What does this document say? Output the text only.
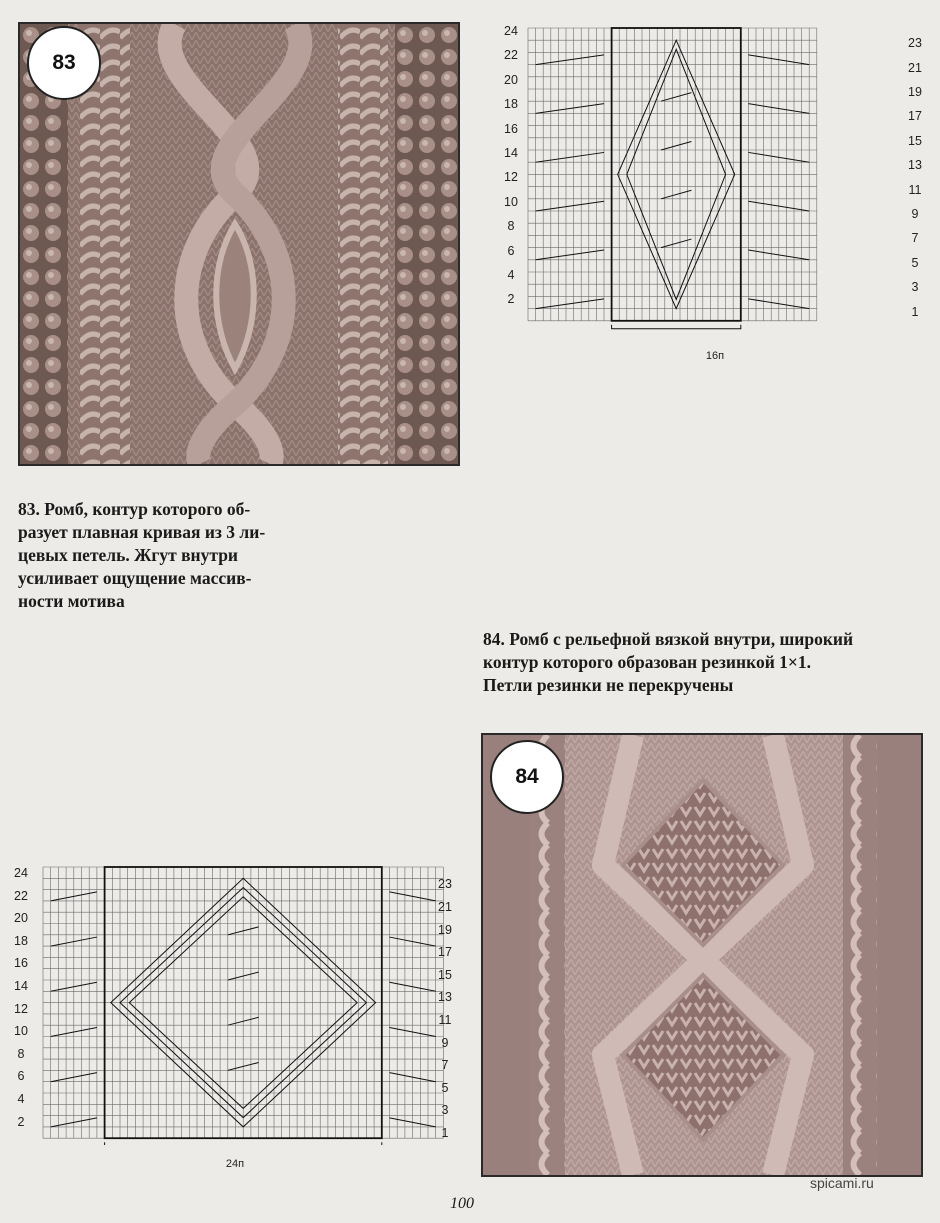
83

83. Ромб, контур которого об-
разует плавная кривая из 3 ли-
цевых петель. Жгут внутри
усиливает ощущение массив-
ности мотива

24
22
20
18
16
14
12
10
8
6
4
2
23
21
19
17
15
13
11
9
7
5
3
1
16п

84. Ромб с рельефной вязкой внутри, широкий
контур которого образован резинкой 1×1.
Петли резинки не перекручены

84
24
22
20
18
16
14
12
10
8
6
4
2
23
21
19
17
15
13
11
9
7
5
3
1
24п
100
spicami.ru
